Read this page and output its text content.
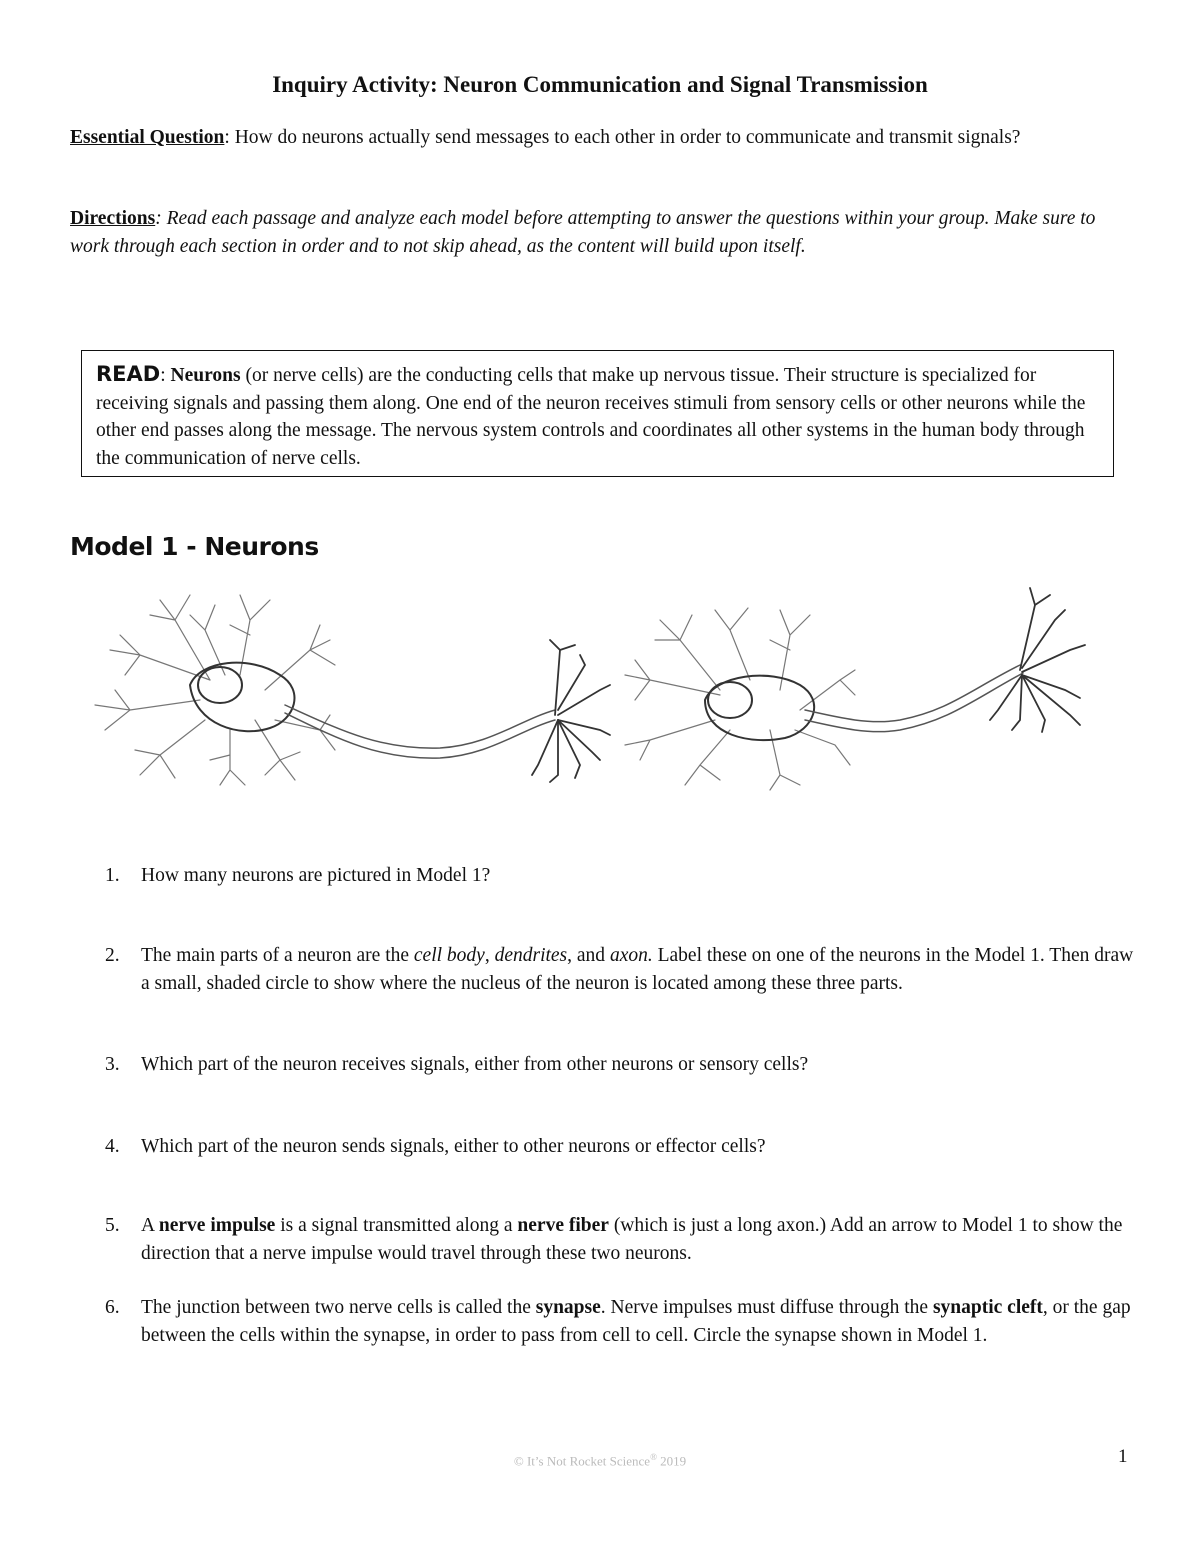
Inquiry Activity: Neuron Communication and Signal Transmission
Essential Question: How do neurons actually send messages to each other in order to communicate and transmit signals?
Directions: Read each passage and analyze each model before attempting to answer the questions within your group. Make sure to work through each section in order and to not skip ahead, as the content will build upon itself.
READ: Neurons (or nerve cells) are the conducting cells that make up nervous tissue. Their structure is specialized for receiving signals and passing them along. One end of the neuron receives stimuli from sensory cells or other neurons while the other end passes along the message. The nervous system controls and coordinates all other systems in the human body through the communication of nerve cells.
Model 1 - Neurons
1.	How many neurons are pictured in Model 1?
2.	The main parts of a neuron are the cell body, dendrites, and axon. Label these on one of the neurons in the Model 1. Then draw a small, shaded circle to show where the nucleus of the neuron is located among these three parts.
3.	Which part of the neuron receives signals, either from other neurons or sensory cells?
4.	Which part of the neuron sends signals, either to other neurons or effector cells?
5.	A nerve impulse is a signal transmitted along a nerve fiber (which is just a long axon.) Add an arrow to Model 1 to show the direction that a nerve impulse would travel through these two neurons.
6.	The junction between two nerve cells is called the synapse. Nerve impulses must diffuse through the synaptic cleft, or the gap between the cells within the synapse, in order to pass from cell to cell. Circle the synapse shown in Model 1.
© It’s Not Rocket Science® 2019	1
